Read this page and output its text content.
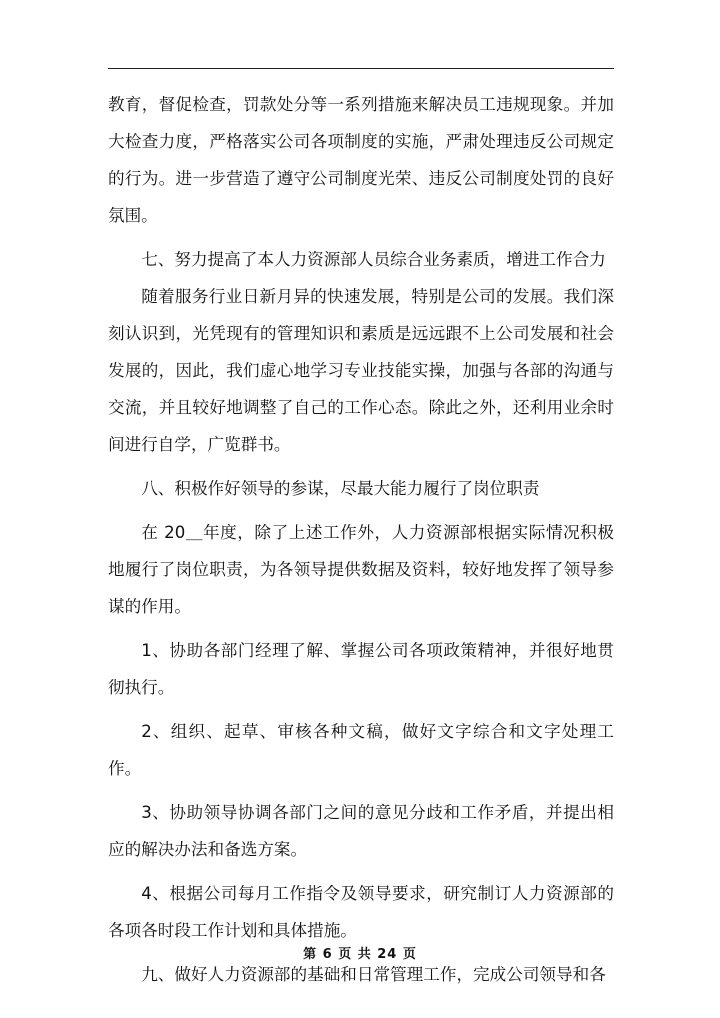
教育，督促检查，罚款处分等一系列措施来解决员工违规现象。并加大检查力度，严格落实公司各项制度的实施，严肃处理违反公司规定的行为。进一步营造了遵守公司制度光荣、违反公司制度处罚的良好氛围。

七、努力提高了本人力资源部人员综合业务素质，增进工作合力

随着服务行业日新月异的快速发展，特别是公司的发展。我们深刻认识到，光凭现有的管理知识和素质是远远跟不上公司发展和社会发展的，因此，我们虚心地学习专业技能实操，加强与各部的沟通与交流，并且较好地调整了自己的工作心态。除此之外，还利用业余时间进行自学，广览群书。

八、积极作好领导的参谋，尽最大能力履行了岗位职责

在 20＿年度，除了上述工作外，人力资源部根据实际情况积极地履行了岗位职责，为各领导提供数据及资料，较好地发挥了领导参谋的作用。

1、协助各部门经理了解、掌握公司各项政策精神，并很好地贯彻执行。

2、组织、起草、审核各种文稿，做好文字综合和文字处理工作。

3、协助领导协调各部门之间的意见分歧和工作矛盾，并提出相应的解决办法和备选方案。

4、根据公司每月工作指令及领导要求，研究制订人力资源部的各项各时段工作计划和具体措施。

九、做好人力资源部的基础和日常管理工作，完成公司领导和各

第 6 页 共 24 页
